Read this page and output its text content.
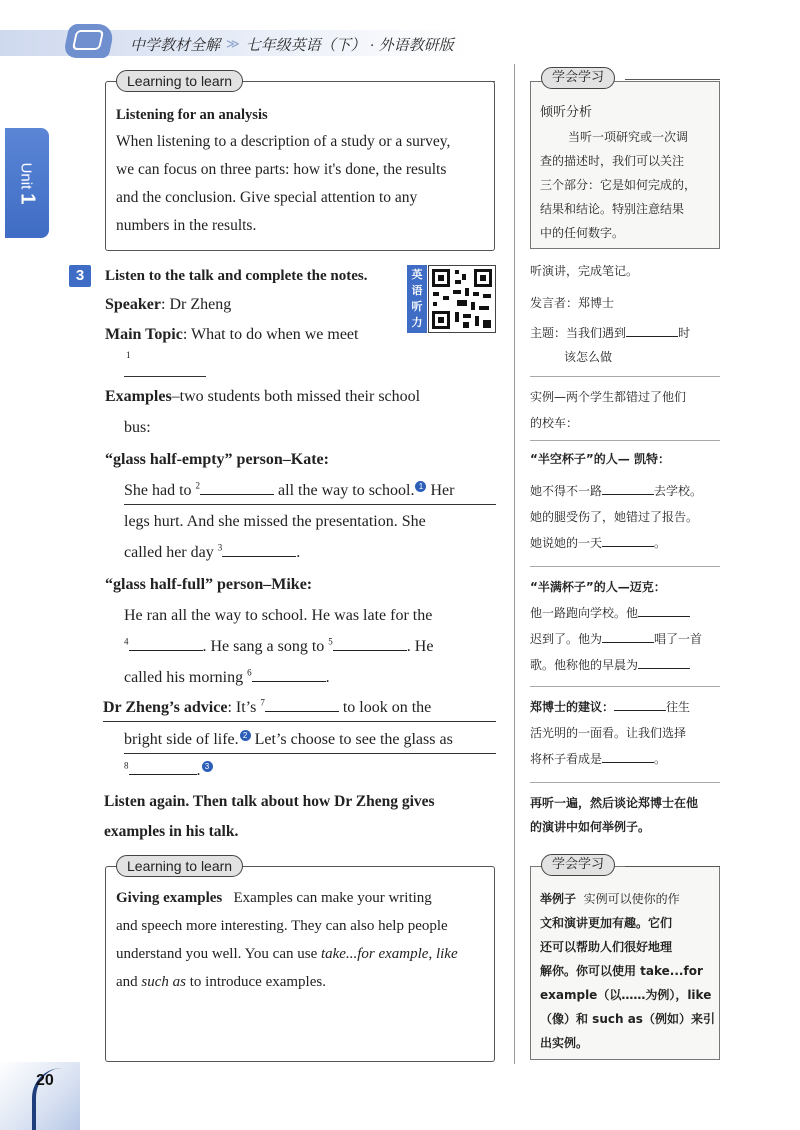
中学教材全解 ≫ 七年级英语（下） · 外语教研版
Unit1
Learning to learn
Listening for an analysis
When listening to a description of a study or a survey,
we can focus on three parts: how it's done, the results
and the conclusion. Give special attention to any
numbers in the results.
学会学习
倾听分析
当听一项研究或一次调
查的描述时，我们可以关注
三个部分：它是如何完成的，
结果和结论。特别注意结果
中的任何数字。
3	Listen to the talk and complete the notes.	英语听力
Speaker: Dr Zheng
Main Topic: What to do when we meet
1
Examples–two students both missed their school
bus:
“glass half-empty” person–Kate:
She had to $^2$	all the way to school. 1 Her
legs hurt. And she missed the presentation. She
called her day $^3$	.
“glass half-full” person–Mike:
He ran all the way to school. He was late for the
$^4$	. He sang a song to $^5$	. He
called his morning $^6$	.
Dr Zheng’s advice: It’s $^7$	to look on the
bright side of life. 2 Let’s choose to see the glass as
$^8$	. 3
Listen again. Then talk about how Dr Zheng gives
examples in his talk.
听演讲，完成笔记。
发言者：郑博士
主题：当我们遇到	时
该怎么做
实例—两个学生都错过了他们
的校车：
“半空杯子”的人— 凯特：
她不得不一路	去学校。
她的腿受伤了，她错过了报告。
她说她的一天	。
“半满杯子”的人—迈克：
他一路跑向学校。他
迟到了。他为	唱了一首
歌。他称他的早晨为
郑博士的建议：	往生
活光明的一面看。让我们选择
将杯子看成是	。
再听一遍，然后谈论郑博士在他
的演讲中如何举例子。
Learning to learn
Giving examples Examples can make your writing
and speech more interesting. They can also help people
understand you well. You can use take...for example, like
and such as to introduce examples.
学会学习
举例子 实例可以使你的作
文和演讲更加有趣。它们
还可以帮助人们很好地理
解你。你可以使用 take...for
example（以……为例），like
（像）和 such as（例如）来引
出实例。
20
